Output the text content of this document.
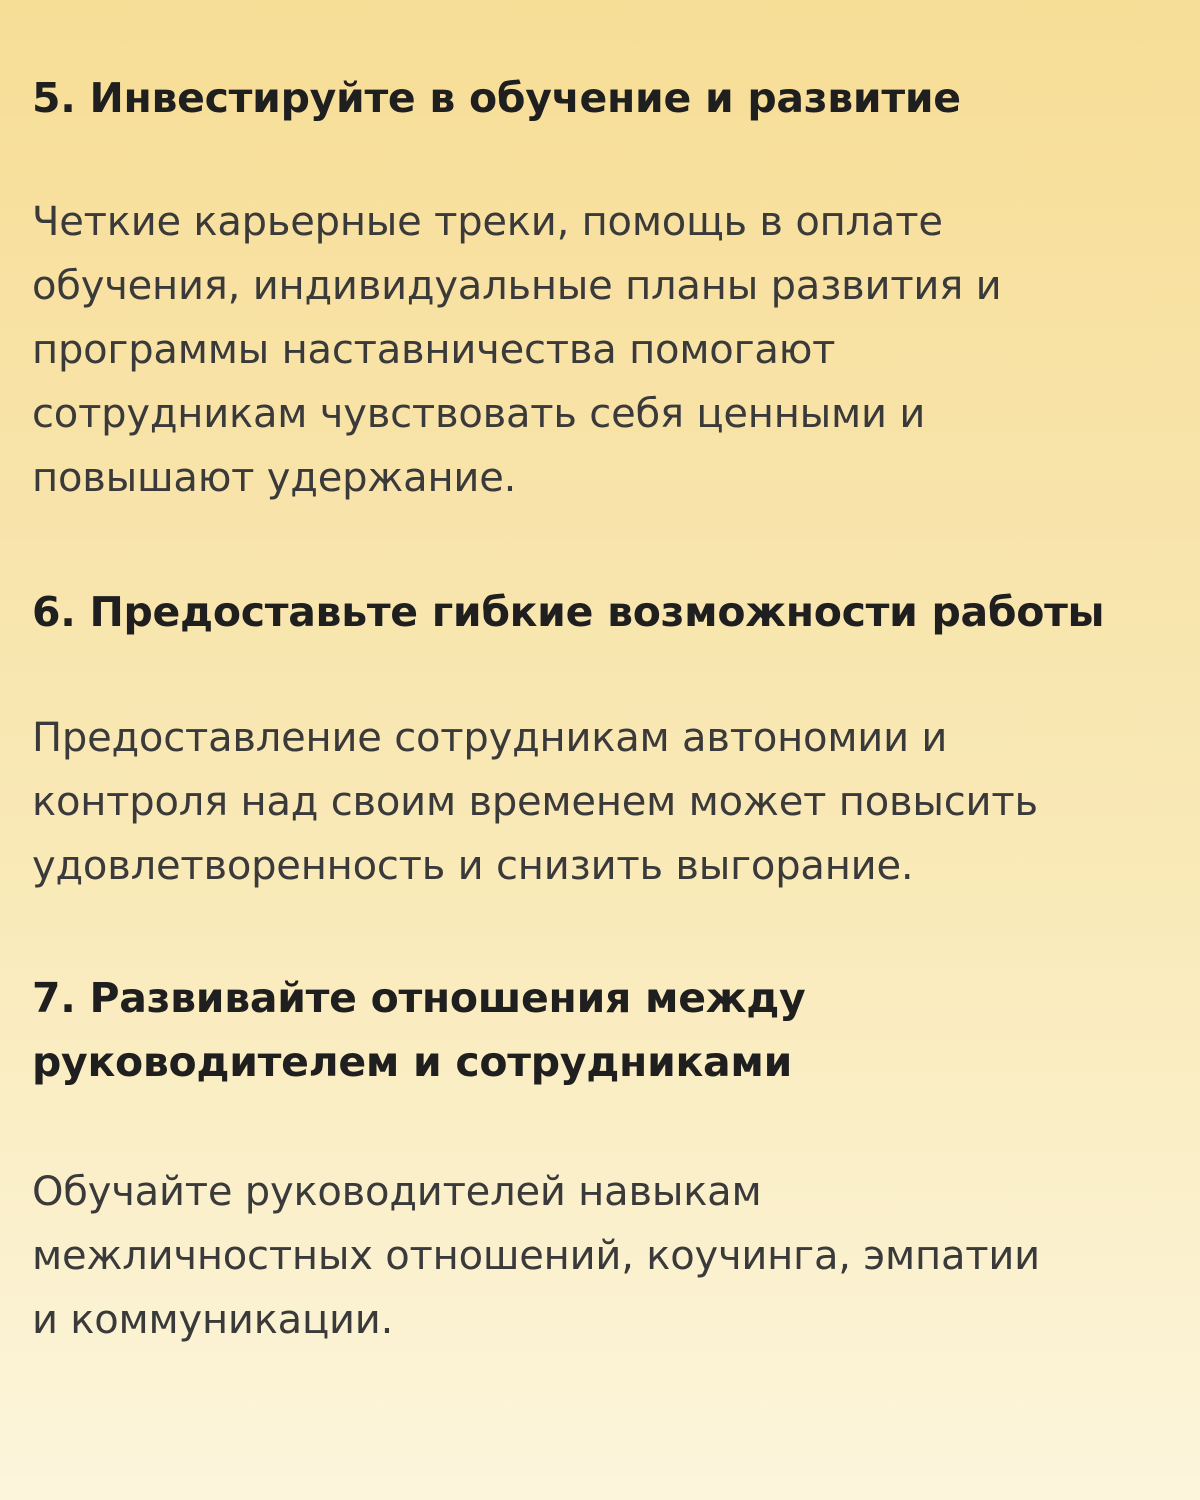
5. Инвестируйте в обучение и развитие

Четкие карьерные треки, помощь в оплате
обучения, индивидуальные планы развития и
программы наставничества помогают
сотрудникам чувствовать себя ценными и
повышают удержание.

6. Предоставьте гибкие возможности работы

Предоставление сотрудникам автономии и
контроля над своим временем может повысить
удовлетворенность и снизить выгорание.

7. Развивайте отношения между
руководителем и сотрудниками

Обучайте руководителей навыкам
межличностных отношений, коучинга, эмпатии
и коммуникации.
